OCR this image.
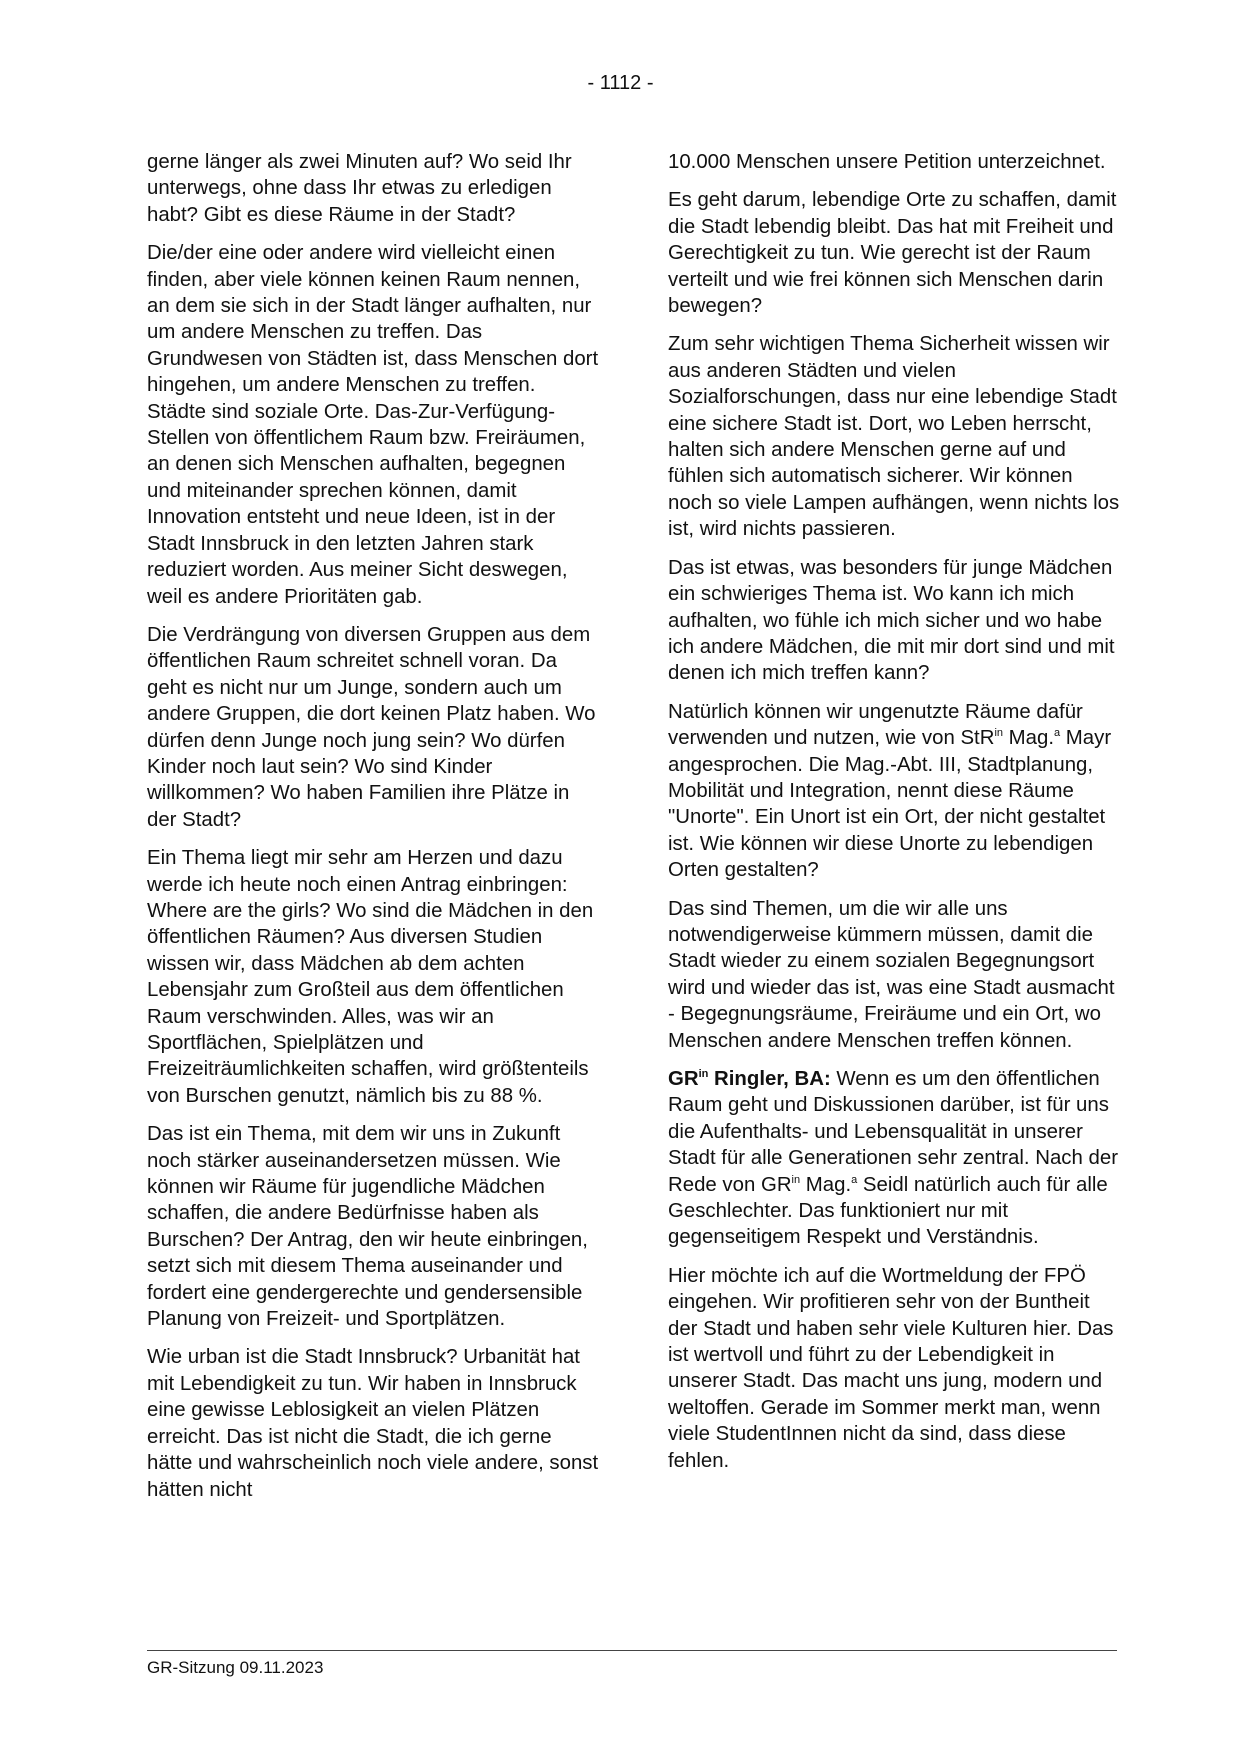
- 1112 -

gerne länger als zwei Minuten auf? Wo seid Ihr unterwegs, ohne dass Ihr etwas zu erledigen habt? Gibt es diese Räume in der Stadt?

Die/der eine oder andere wird vielleicht einen finden, aber viele können keinen Raum nennen, an dem sie sich in der Stadt länger aufhalten, nur um andere Menschen zu treffen. Das Grundwesen von Städten ist, dass Menschen dort hingehen, um andere Menschen zu treffen. Städte sind soziale Orte. Das-Zur-Verfügung-Stellen von öffentlichem Raum bzw. Freiräumen, an denen sich Menschen aufhalten, begegnen und miteinander sprechen können, damit Innovation entsteht und neue Ideen, ist in der Stadt Innsbruck in den letzten Jahren stark reduziert worden. Aus meiner Sicht deswegen, weil es andere Prioritäten gab.

Die Verdrängung von diversen Gruppen aus dem öffentlichen Raum schreitet schnell voran. Da geht es nicht nur um Junge, sondern auch um andere Gruppen, die dort keinen Platz haben. Wo dürfen denn Junge noch jung sein? Wo dürfen Kinder noch laut sein? Wo sind Kinder willkommen? Wo haben Familien ihre Plätze in der Stadt?

Ein Thema liegt mir sehr am Herzen und dazu werde ich heute noch einen Antrag einbringen: Where are the girls? Wo sind die Mädchen in den öffentlichen Räumen? Aus diversen Studien wissen wir, dass Mädchen ab dem achten Lebensjahr zum Großteil aus dem öffentlichen Raum verschwinden. Alles, was wir an Sportflächen, Spielplätzen und Freizeiträumlichkeiten schaffen, wird größtenteils von Burschen genutzt, nämlich bis zu 88 %.

Das ist ein Thema, mit dem wir uns in Zukunft noch stärker auseinandersetzen müssen. Wie können wir Räume für jugendliche Mädchen schaffen, die andere Bedürfnisse haben als Burschen? Der Antrag, den wir heute einbringen, setzt sich mit diesem Thema auseinander und fordert eine gendergerechte und gendersensible Planung von Freizeit- und Sportplätzen.

Wie urban ist die Stadt Innsbruck? Urbanität hat mit Lebendigkeit zu tun. Wir haben in Innsbruck eine gewisse Leblosigkeit an vielen Plätzen erreicht. Das ist nicht die Stadt, die ich gerne hätte und wahrscheinlich noch viele andere, sonst hätten nicht

10.000 Menschen unsere Petition unterzeichnet.

Es geht darum, lebendige Orte zu schaffen, damit die Stadt lebendig bleibt. Das hat mit Freiheit und Gerechtigkeit zu tun. Wie gerecht ist der Raum verteilt und wie frei können sich Menschen darin bewegen?

Zum sehr wichtigen Thema Sicherheit wissen wir aus anderen Städten und vielen Sozialforschungen, dass nur eine lebendige Stadt eine sichere Stadt ist. Dort, wo Leben herrscht, halten sich andere Menschen gerne auf und fühlen sich automatisch sicherer. Wir können noch so viele Lampen aufhängen, wenn nichts los ist, wird nichts passieren.

Das ist etwas, was besonders für junge Mädchen ein schwieriges Thema ist. Wo kann ich mich aufhalten, wo fühle ich mich sicher und wo habe ich andere Mädchen, die mit mir dort sind und mit denen ich mich treffen kann?

Natürlich können wir ungenutzte Räume dafür verwenden und nutzen, wie von StR$^{in}$ Mag.$^a$ Mayr angesprochen. Die Mag.-Abt. III, Stadtplanung, Mobilität und Integration, nennt diese Räume "Unorte". Ein Unort ist ein Ort, der nicht gestaltet ist. Wie können wir diese Unorte zu lebendigen Orten gestalten?

Das sind Themen, um die wir alle uns notwendigerweise kümmern müssen, damit die Stadt wieder zu einem sozialen Begegnungsort wird und wieder das ist, was eine Stadt ausmacht - Begegnungsräume, Freiräume und ein Ort, wo Menschen andere Menschen treffen können.

$GR^{in}$ Ringler, BA: Wenn es um den öffentlichen Raum geht und Diskussionen darüber, ist für uns die Aufenthalts- und Lebensqualität in unserer Stadt für alle Generationen sehr zentral. Nach der Rede von $GR^{in}$ Mag.$^a$ Seidl natürlich auch für alle Geschlechter. Das funktioniert nur mit gegenseitigem Respekt und Verständnis.

Hier möchte ich auf die Wortmeldung der FPÖ eingehen. Wir profitieren sehr von der Buntheit der Stadt und haben sehr viele Kulturen hier. Das ist wertvoll und führt zu der Lebendigkeit in unserer Stadt. Das macht uns jung, modern und weltoffen. Gerade im Sommer merkt man, wenn viele StudentInnen nicht da sind, dass diese fehlen.

GR-Sitzung 09.11.2023
